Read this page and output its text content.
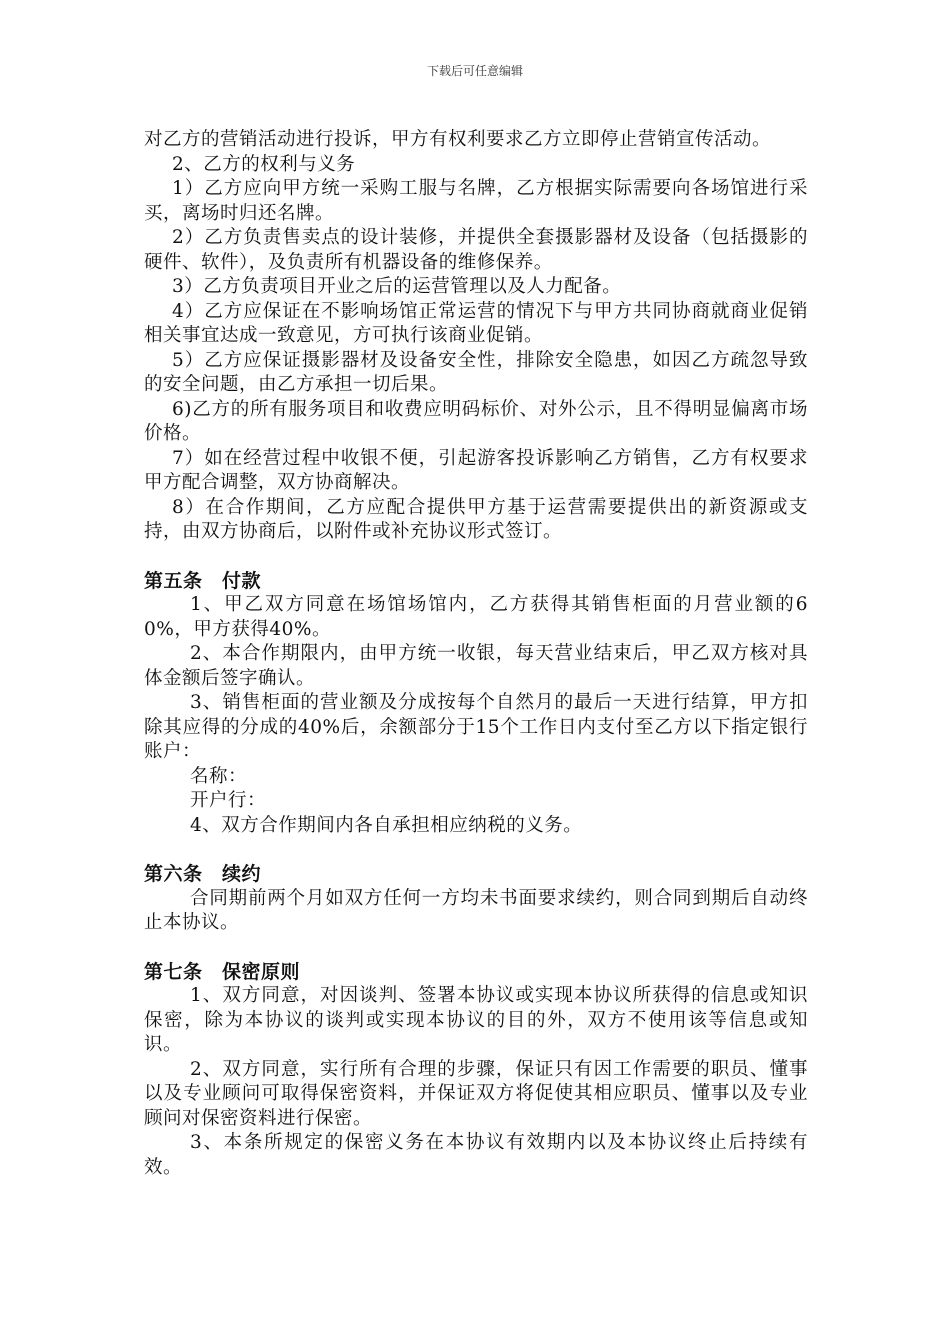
下载后可任意编辑

对乙方的营销活动进行投诉，甲方有权利要求乙方立即停止营销宣传活动。

2、乙方的权利与义务

1）乙方应向甲方统一采购工服与名牌，乙方根据实际需要向各场馆进行采买，离场时归还名牌。

2）乙方负责售卖点的设计装修，并提供全套摄影器材及设备（包括摄影的硬件、软件），及负责所有机器设备的维修保养。

3）乙方负责项目开业之后的运营管理以及人力配备。

4）乙方应保证在不影响场馆正常运营的情况下与甲方共同协商就商业促销相关事宜达成一致意见，方可执行该商业促销。

5）乙方应保证摄影器材及设备安全性，排除安全隐患，如因乙方疏忽导致的安全问题，由乙方承担一切后果。

6)乙方的所有服务项目和收费应明码标价、对外公示，且不得明显偏离市场价格。

7）如在经营过程中收银不便，引起游客投诉影响乙方销售，乙方有权要求甲方配合调整，双方协商解决。

8）在合作期间，乙方应配合提供甲方基于运营需要提供出的新资源或支持，由双方协商后，以附件或补充协议形式签订。

第五条　付款

1、甲乙双方同意在场馆场馆内，乙方获得其销售柜面的月营业额的60%，甲方获得40%。

2、本合作期限内，由甲方统一收银，每天营业结束后，甲乙双方核对具体金额后签字确认。

3、销售柜面的营业额及分成按每个自然月的最后一天进行结算，甲方扣除其应得的分成的40%后，余额部分于15个工作日内支付至乙方以下指定银行账户：

名称：

开户行：

4、双方合作期间内各自承担相应纳税的义务。

第六条　续约

合同期前两个月如双方任何一方均未书面要求续约，则合同到期后自动终止本协议。

第七条　保密原则

1、双方同意，对因谈判、签署本协议或实现本协议所获得的信息或知识保密，除为本协议的谈判或实现本协议的目的外，双方不使用该等信息或知识。

2、双方同意，实行所有合理的步骤，保证只有因工作需要的职员、懂事以及专业顾问可取得保密资料，并保证双方将促使其相应职员、懂事以及专业顾问对保密资料进行保密。

3、本条所规定的保密义务在本协议有效期内以及本协议终止后持续有效。
